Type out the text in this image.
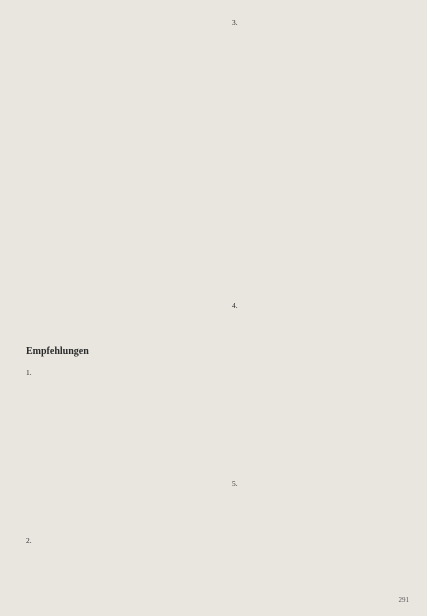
Empfehlungen
1.
2.
3.
4.
5.
291
